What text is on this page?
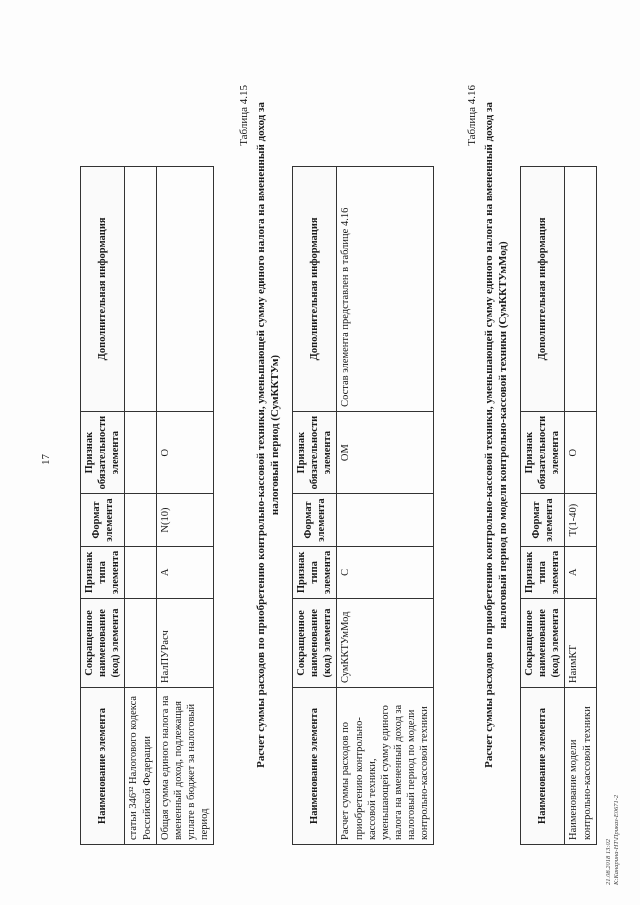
17
Наименование элемента	Сокращенное наименование (код) элемента	Признак типа элемента	Формат элемента	Признак обязательности элемента	Дополнительная информация
статьи 346³² Налогового кодекса Российской Федерации					
Общая сумма единого налога на вмененный доход, подлежащая уплате в бюджет за налоговый период	НалПУРасч	А	N(10)	О	
Таблица 4.15 Расчет суммы расходов по приобретению контрольно-кассовой техники, уменьшающей сумму единого налога на вмененный доход за налоговый период (СумККТУм)
Наименование элемента	Сокращенное наименование (код) элемента	Признак типа элемента	Формат элемента	Признак обязательности элемента	Дополнительная информация
Расчет суммы расходов по приобретению контрольно-кассовой техники, уменьшающей сумму единого налога на вмененный доход за налоговый период по модели контрольно-кассовой техники	СумККТУмМод	С		ОМ	Состав элемента представлен в таблице 4.16
Таблица 4.16 Расчет суммы расходов по приобретению контрольно-кассовой техники, уменьшающей сумму единого налога на вмененный доход за налоговый период по модели контрольно-кассовой техники (СумККТУмМод)
Наименование элемента	Сокращенное наименование (код) элемента	Признак типа элемента	Формат элемента	Признак обязательности элемента	Дополнительная информация
Наименование модели контрольно-кассовой техники	НаимКТ	А	Т(1-40)	О	
21.08.2018 13:02 К:Канарина-НТ\Приказ-Е0671-2
